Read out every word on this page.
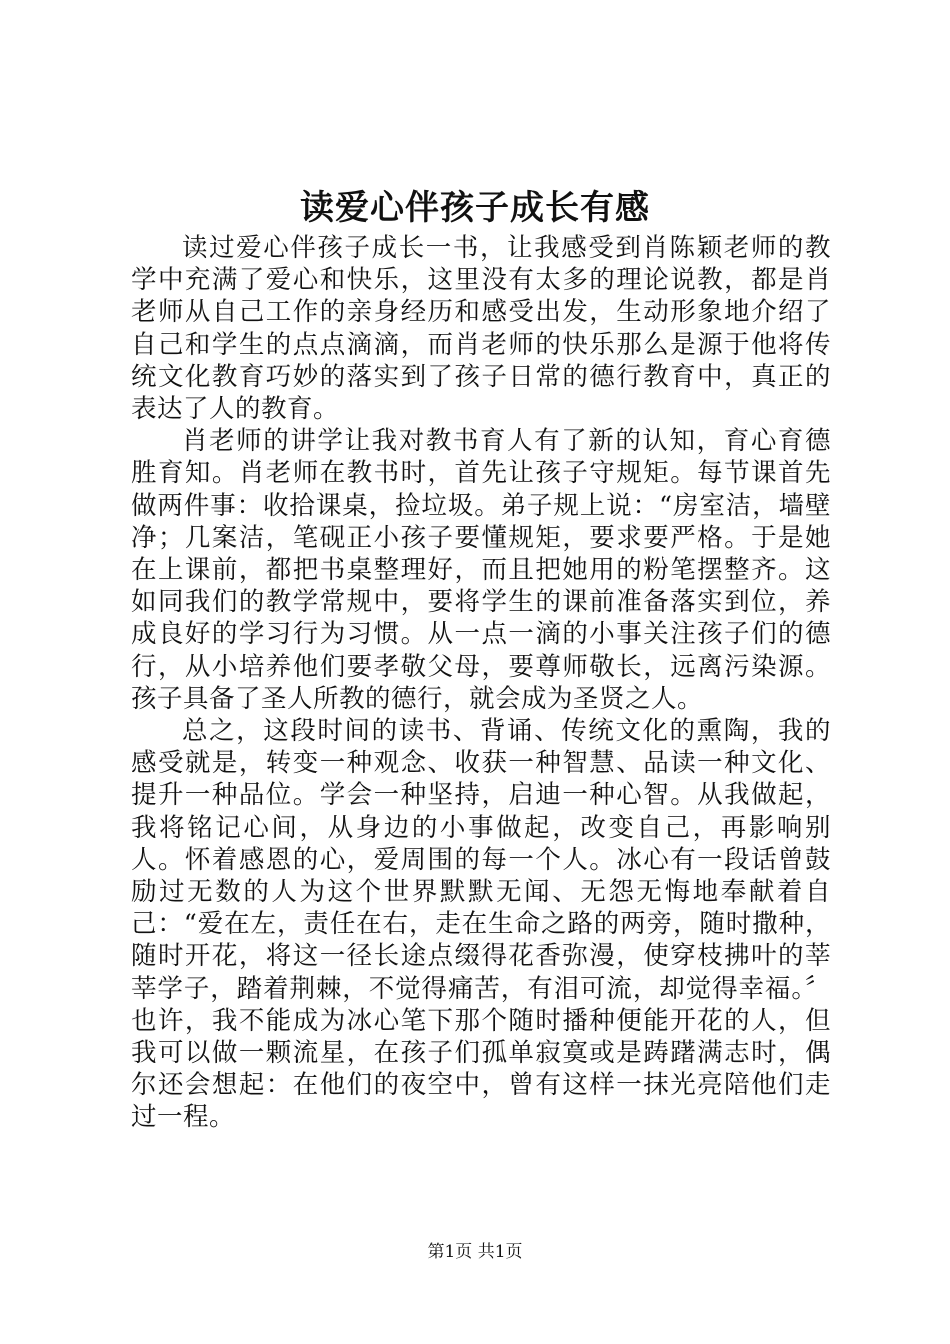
读爱心伴孩子成长有感

读过爱心伴孩子成长一书，让我感受到肖陈颖老师的教学中充满了爱心和快乐，这里没有太多的理论说教，都是肖老师从自己工作的亲身经历和感受出发，生动形象地介绍了自己和学生的点点滴滴，而肖老师的快乐那么是源于他将传统文化教育巧妙的落实到了孩子日常的德行教育中，真正的表达了人的教育。

肖老师的讲学让我对教书育人有了新的认知，育心育德胜育知。肖老师在教书时，首先让孩子守规矩。每节课首先做两件事：收拾课桌，捡垃圾。弟子规上说：“房室洁，墙壁净；几案洁，笔砚正小孩子要懂规矩，要求要严格。于是她在上课前，都把书桌整理好，而且把她用的粉笔摆整齐。这如同我们的教学常规中，要将学生的课前准备落实到位，养成良好的学习行为习惯。从一点一滴的小事关注孩子们的德行，从小培养他们要孝敬父母，要尊师敬长，远离污染源。孩子具备了圣人所教的德行，就会成为圣贤之人。

总之，这段时间的读书、背诵、传统文化的熏陶，我的感受就是，转变一种观念、收获一种智慧、品读一种文化、提升一种品位。学会一种坚持，启迪一种心智。从我做起，我将铭记心间，从身边的小事做起，改变自己，再影响别人。怀着感恩的心，爱周围的每一个人。冰心有一段话曾鼓励过无数的人为这个世界默默无闻、无怨无悔地奉献着自己：“爱在左，责任在右，走在生命之路的两旁，随时撒种，随时开花，将这一径长途点缀得花香弥漫，使穿枝拂叶的莘莘学子，踏着荆棘，不觉得痛苦，有泪可流，却觉得幸福。〞也许，我不能成为冰心笔下那个随时播种便能开花的人，但我可以做一颗流星，在孩子们孤单寂寞或是踌躇满志时，偶尔还会想起：在他们的夜空中，曾有这样一抹光亮陪他们走过一程。

第1页 共1页
